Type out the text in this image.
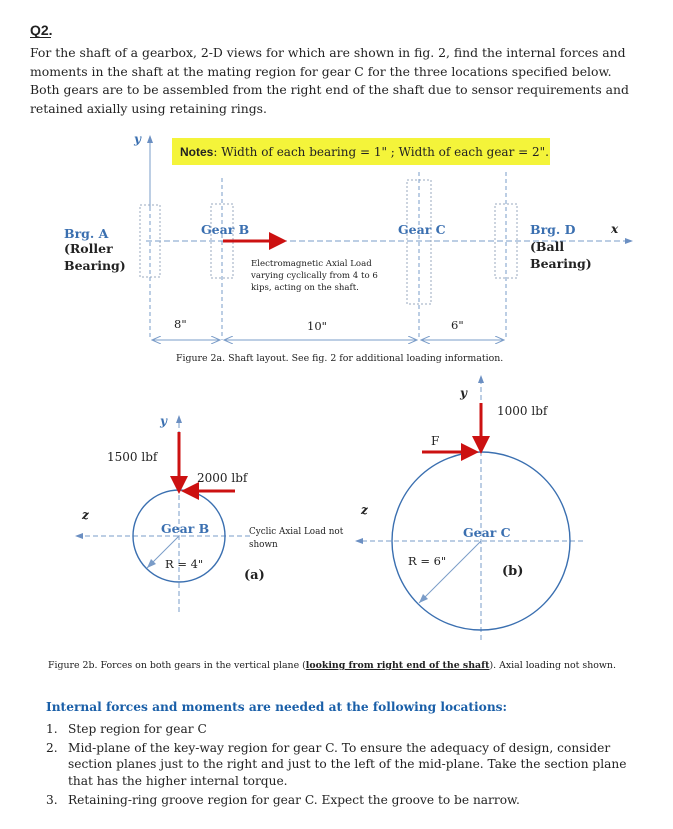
Q2.
For the shaft of a gearbox, 2-D views for which are shown in fig. 2, find the internal forces and
moments in the shaft at the mating region for gear C for the three locations specified below.
Both gears are to be assembled from the right end of the shaft due to sensor requirements and
retained axially using retaining rings.
y
Notes: Width of each bearing = 1" ; Width of each gear = 2".
x
Brg. A
(Roller
Bearing)
Gear B	Gear C	Brg. D
(Ball
Bearing)
Electromagnetic Axial Load
varying cyclically from 4 to 6
kips, acting on the shaft.
8"	10"	6"
Figure 2a. Shaft layout. See fig. 2 for additional loading information.
y
z
1500 lbf
2000 lbf
Gear B
R = 4"
Cyclic Axial Load not
shown
(a)
y
z
1000 lbf
F
Gear C
R = 6"
(b)
Figure 2b. Forces on both gears in the vertical plane (looking from right end of the shaft). Axial loading not shown.
Internal forces and moments are needed at the following locations:
1. Step region for gear C
2. Mid-plane of the key-way region for gear C. To ensure the adequacy of design, consider section planes just to the right and just to the left of the mid-plane. Take the section plane that has the higher internal torque.
3. Retaining-ring groove region for gear C. Expect the groove to be narrow.
